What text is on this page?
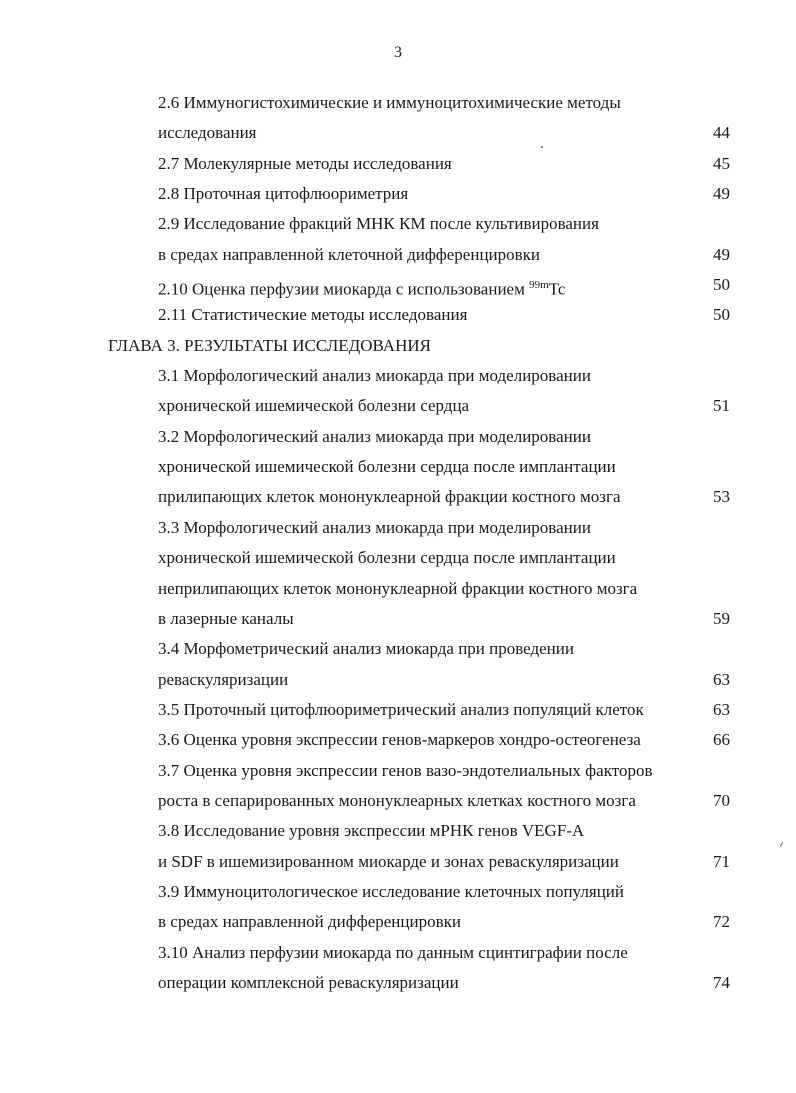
3
2.6 Иммуногистохимические и иммуноцитохимические методы
исследования	44
2.7 Молекулярные методы исследования	45
2.8 Проточная цитофлюориметрия	49
2.9 Исследование фракций МНК КМ после культивирования
в средах направленной клеточной дифференцировки	49
2.10 Оценка перфузии миокарда с использованием $^{99m}$Tc	50
2.11 Статистические методы исследования	50
ГЛАВА 3. РЕЗУЛЬТАТЫ ИССЛЕДОВАНИЯ
3.1 Морфологический анализ миокарда при моделировании
хронической ишемической болезни сердца	51
3.2 Морфологический анализ миокарда при моделировании
хронической ишемической болезни сердца после имплантации
прилипающих клеток мононуклеарной фракции костного мозга	53
3.3 Морфологический анализ миокарда при моделировании
хронической ишемической болезни сердца после имплантации
неприлипающих клеток мононуклеарной фракции костного мозга
в лазерные каналы	59
3.4 Морфометрический анализ миокарда при проведении
реваскуляризации	63
3.5 Проточный цитофлюориметрический анализ популяций клеток	63
3.6 Оценка уровня экспрессии генов-маркеров хондро-остеогенеза	66
3.7 Оценка уровня экспрессии генов вазо-эндотелиальных факторов
роста в сепарированных мононуклеарных клетках костного мозга	70
3.8 Исследование уровня экспрессии мРНК генов VEGF-A
и SDF в ишемизированном миокарде и зонах реваскуляризации	71
3.9 Иммуноцитологическое исследование клеточных популяций
в средах направленной дифференцировки	72
3.10 Анализ перфузии миокарда по данным сцинтиграфии после
операции комплексной реваскуляризации	74
